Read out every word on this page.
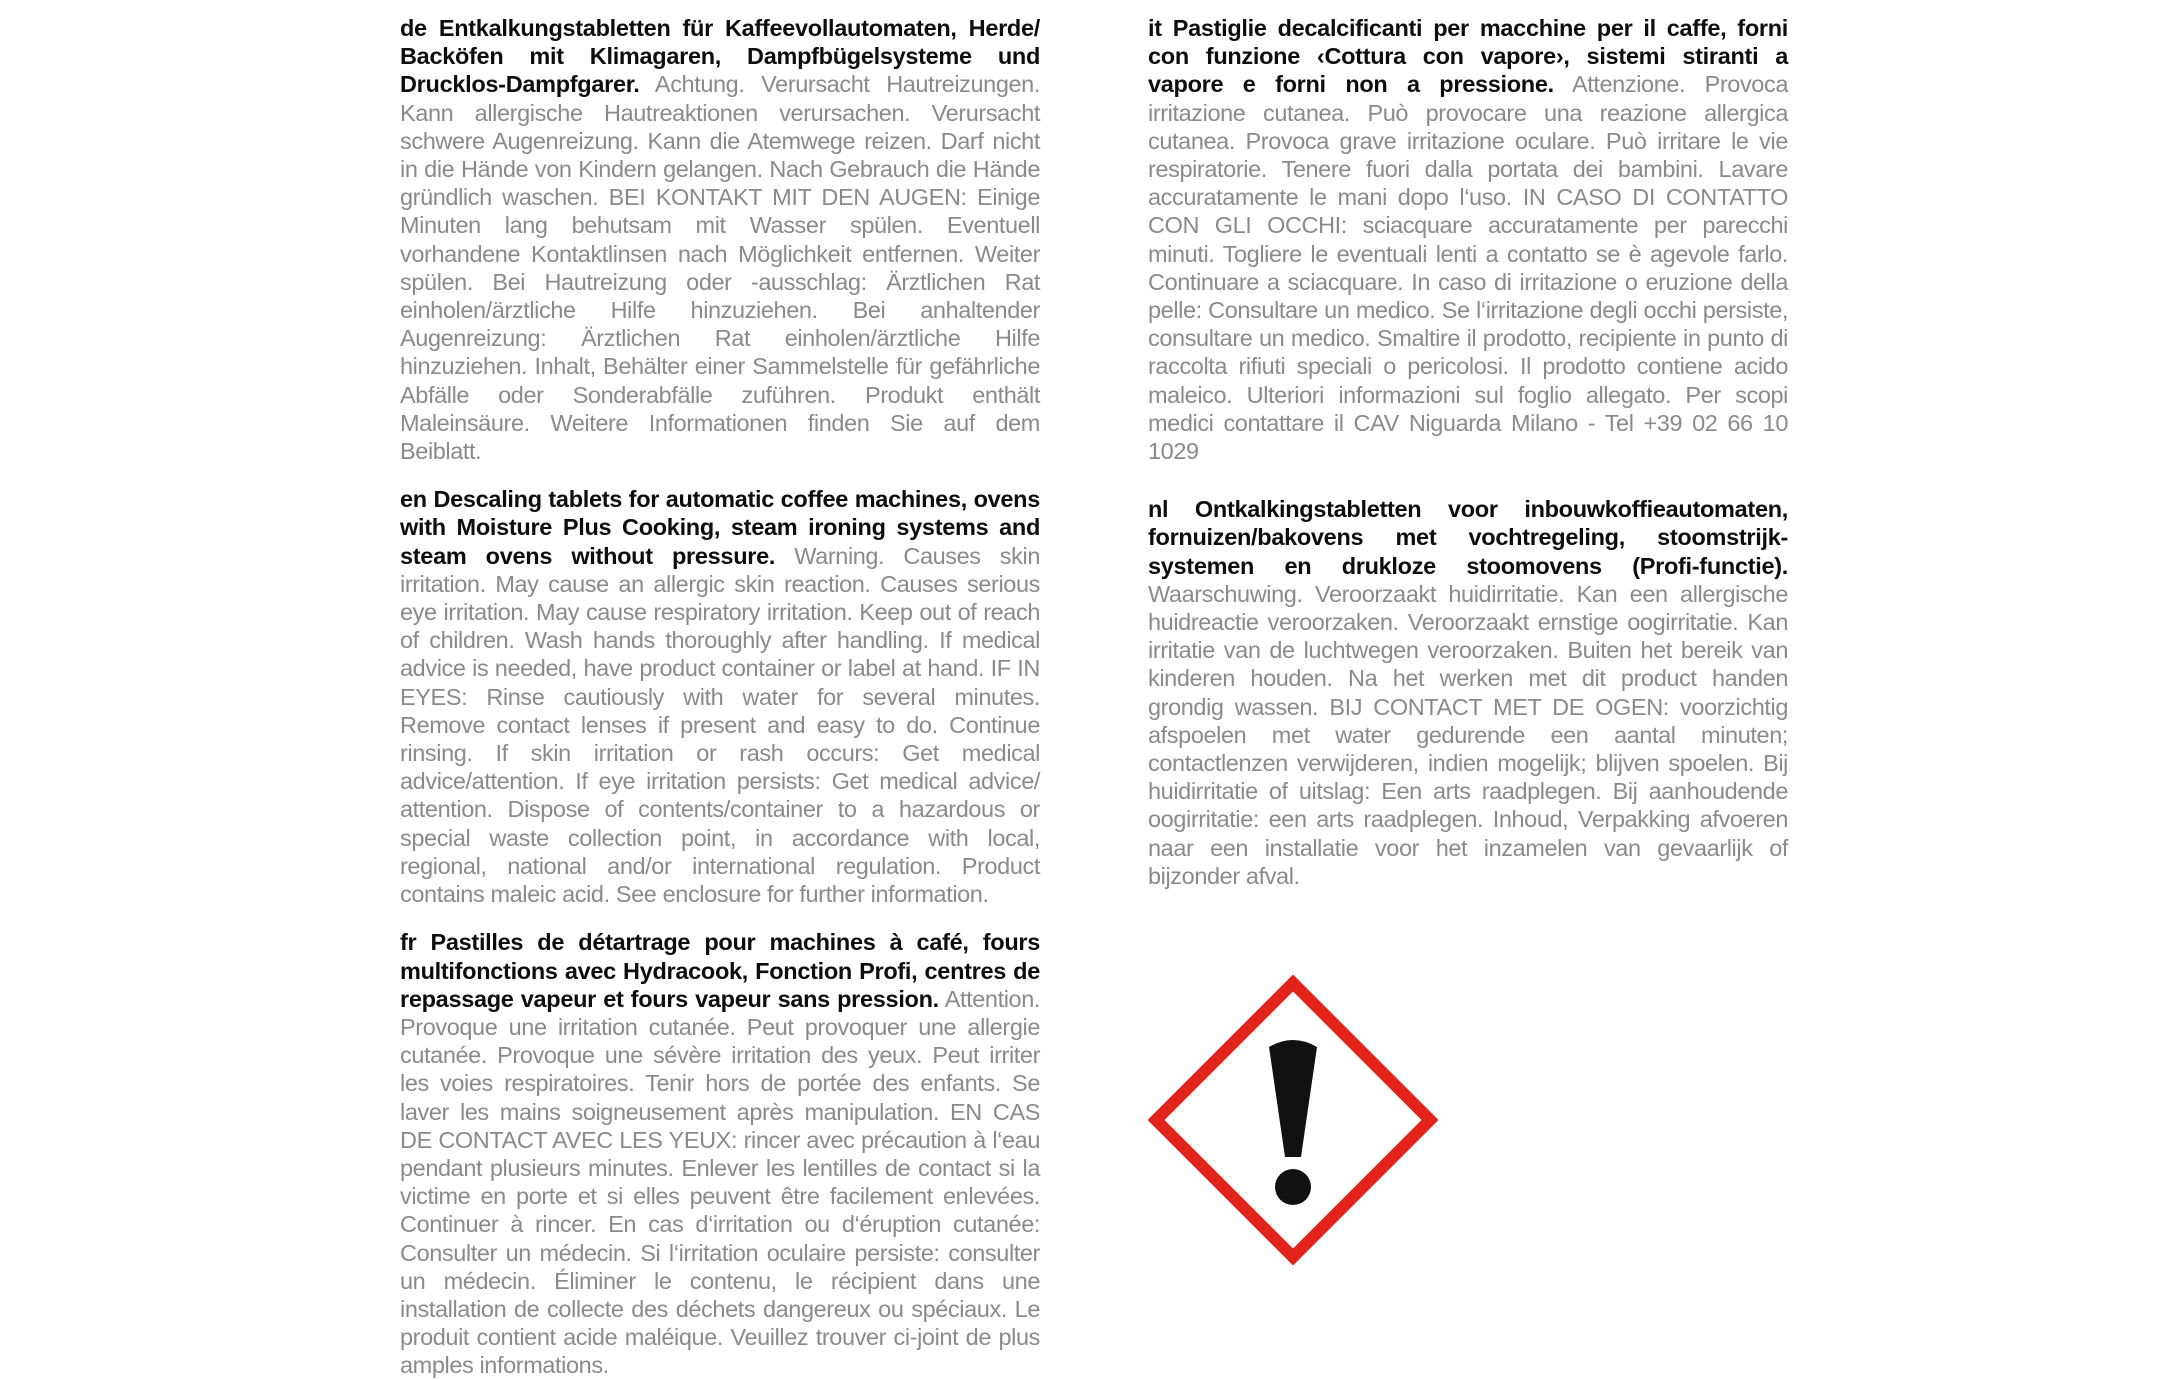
de Entkalkungstabletten für Kaffeevollautomaten, Herde/ Backöfen mit Klimagaren, Dampfbügelsysteme und Drucklos-Dampfgarer. Achtung. Verursacht Hautreizungen. Kann allergische Hautreaktionen verursachen. Verursacht schwere Augenreizung. Kann die Atemwege reizen. Darf nicht in die Hände von Kindern gelangen. Nach Gebrauch die Hände gründlich waschen. BEI KONTAKT MIT DEN AUGEN: Einige Minuten lang behutsam mit Wasser spülen. Eventuell vorhandene Kontaktlinsen nach Möglichkeit entfernen. Weiter spülen. Bei Hautreizung oder -ausschlag: Ärztlichen Rat einholen/ärztliche Hilfe hinzuziehen. Bei anhaltender Augenreizung: Ärztlichen Rat einholen/ärztliche Hilfe hinzuziehen. Inhalt, Behälter einer Sammelstelle für gefährliche Abfälle oder Sonderabfälle zuführen. Produkt enthält Maleinsäure. Weitere Informationen finden Sie auf dem Beiblatt.

en Descaling tablets for automatic coffee machines, ovens with Moisture Plus Cooking, steam ironing systems and steam ovens without pressure. Warning. Causes skin irritation. May cause an allergic skin reaction. Causes serious eye irritation. May cause respiratory irritation. Keep out of reach of children. Wash hands thoroughly after handling. If medical advice is needed, have product container or label at hand. IF IN EYES: Rinse cautiously with water for several minutes. Remove contact lenses if present and easy to do. Continue rinsing. If skin irritation or rash occurs: Get medical advice/attention. If eye irritation persists: Get medical advice/ attention. Dispose of contents/container to a hazardous or special waste collection point, in accordance with local, regional, national and/or international regulation. Product contains maleic acid. See enclosure for further information.

fr Pastilles de détartrage pour machines à café, fours multifonctions avec Hydracook, Fonction Profi, centres de repassage vapeur et fours vapeur sans pression. Attention. Provoque une irritation cutanée. Peut provoquer une allergie cutanée. Provoque une sévère irritation des yeux. Peut irriter les voies respiratoires. Tenir hors de portée des enfants. Se laver les mains soigneusement après manipulation. EN CAS DE CONTACT AVEC LES YEUX: rincer avec précaution à l‘eau pendant plusieurs minutes. Enlever les lentilles de contact si la victime en porte et si elles peuvent être facilement enlevées. Continuer à rincer. En cas d‘irritation ou d‘éruption cutanée: Consulter un médecin. Si l‘irritation oculaire persiste: consulter un médecin. Éliminer le contenu, le récipient dans une installation de collecte des déchets dangereux ou spéciaux. Le produit contient acide maléique. Veuillez trouver ci-joint de plus amples informations.

it Pastiglie decalcificanti per macchine per il caffe, forni con funzione ‹Cottura con vapore›, sistemi stiranti a vapore e forni non a pressione. Attenzione. Provoca irritazione cutanea. Può provocare una reazione allergica cutanea. Provoca grave irritazione oculare. Può irritare le vie respiratorie. Tenere fuori dalla portata dei bambini. Lavare accuratamente le mani dopo l‘uso. IN CASO DI CONTATTO CON GLI OCCHI: sciacquare accuratamente per parecchi minuti. Togliere le eventuali lenti a contatto se è agevole farlo. Continuare a sciacquare. In caso di irritazione o eruzione della pelle: Consultare un medico. Se l‘irritazione degli occhi persiste, consultare un medico. Smaltire il prodotto, recipiente in punto di raccolta rifiuti speciali o pericolosi. Il prodotto contiene acido maleico. Ulteriori informazioni sul foglio allegato. Per scopi medici contattare il CAV Niguarda Milano - Tel +39 02 66 10 1029

nl Ontkalkingstabletten voor inbouwkoffieautomaten, fornuizen/bakovens met vochtregeling, stoomstrijk-systemen en drukloze stoomovens (Profi-functie). Waarschuwing. Veroorzaakt huidirritatie. Kan een allergische huidreactie veroorzaken. Veroorzaakt ernstige oogirritatie. Kan irritatie van de luchtwegen veroorzaken. Buiten het bereik van kinderen houden. Na het werken met dit product handen grondig wassen. BIJ CONTACT MET DE OGEN: voorzichtig afspoelen met water gedurende een aantal minuten; contactlenzen verwijderen, indien mogelijk; blijven spoelen. Bij huidirritatie of uitslag: Een arts raadplegen. Bij aanhoudende oogirritatie: een arts raadplegen. Inhoud, Verpakking afvoeren naar een installatie voor het inzamelen van gevaarlijk of bijzonder afval.
